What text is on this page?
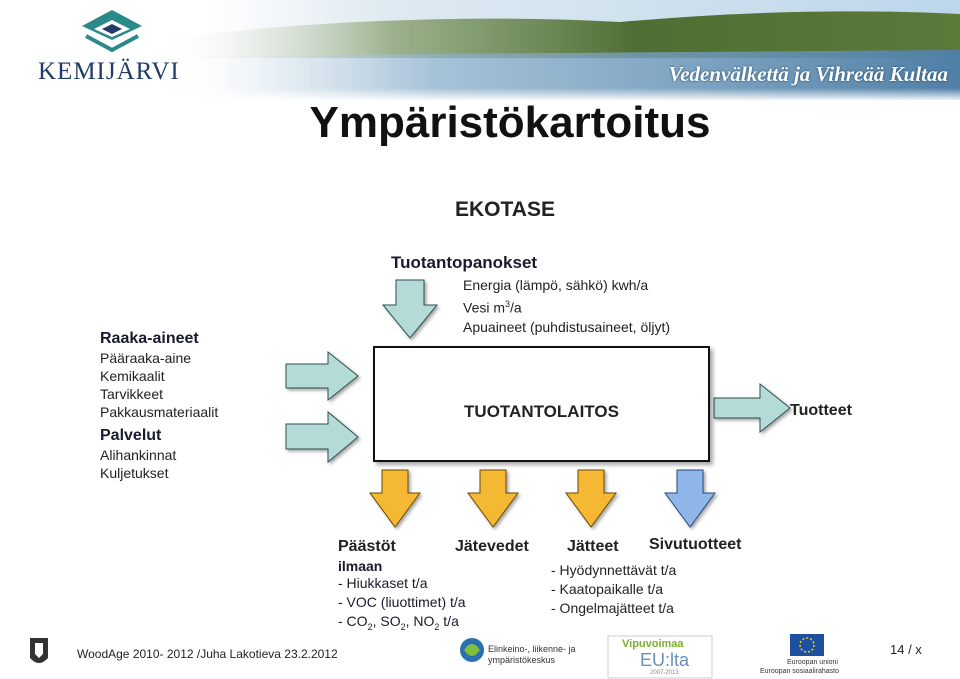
KEMIJÄRVI	Vedenvälkettä ja Vihreää Kultaa
Ympäristökartoitus
EKOTASE
Tuotantopanokset
Energia (lämpö, sähkö) kwh/a
Vesi $m^3/a$
Apuaineet (puhdistusaineet, öljyt)
Raaka-aineet
Pääraaka-aine
Kemikaalit
Tarvikkeet
Pakkausmateriaalit
Palvelut
Alihankinnat
Kuljetukset
TUOTANTOLAITOS	Tuotteet
Päästöt	Jätevedet Jätteet Sivutuotteet
ilmaan
- Hiukkaset t/a
- VOC (liuottimet) t/a
- $CO_2$, $SO_2$, $NO_2$ t/a
- Hyödynnettävät t/a
- Kaatopaikalle t/a
- Ongelmajätteet t/a
WoodAge 2010- 2012 /Juha Lakotieva 23.2.2012	Elinkeino-, liikenne- ja
ympäristökeskus
Vipuvoimaa
EU:lta
2007-2013
Euroopan unioni
Euroopan sosiaalirahasto
14 / x
